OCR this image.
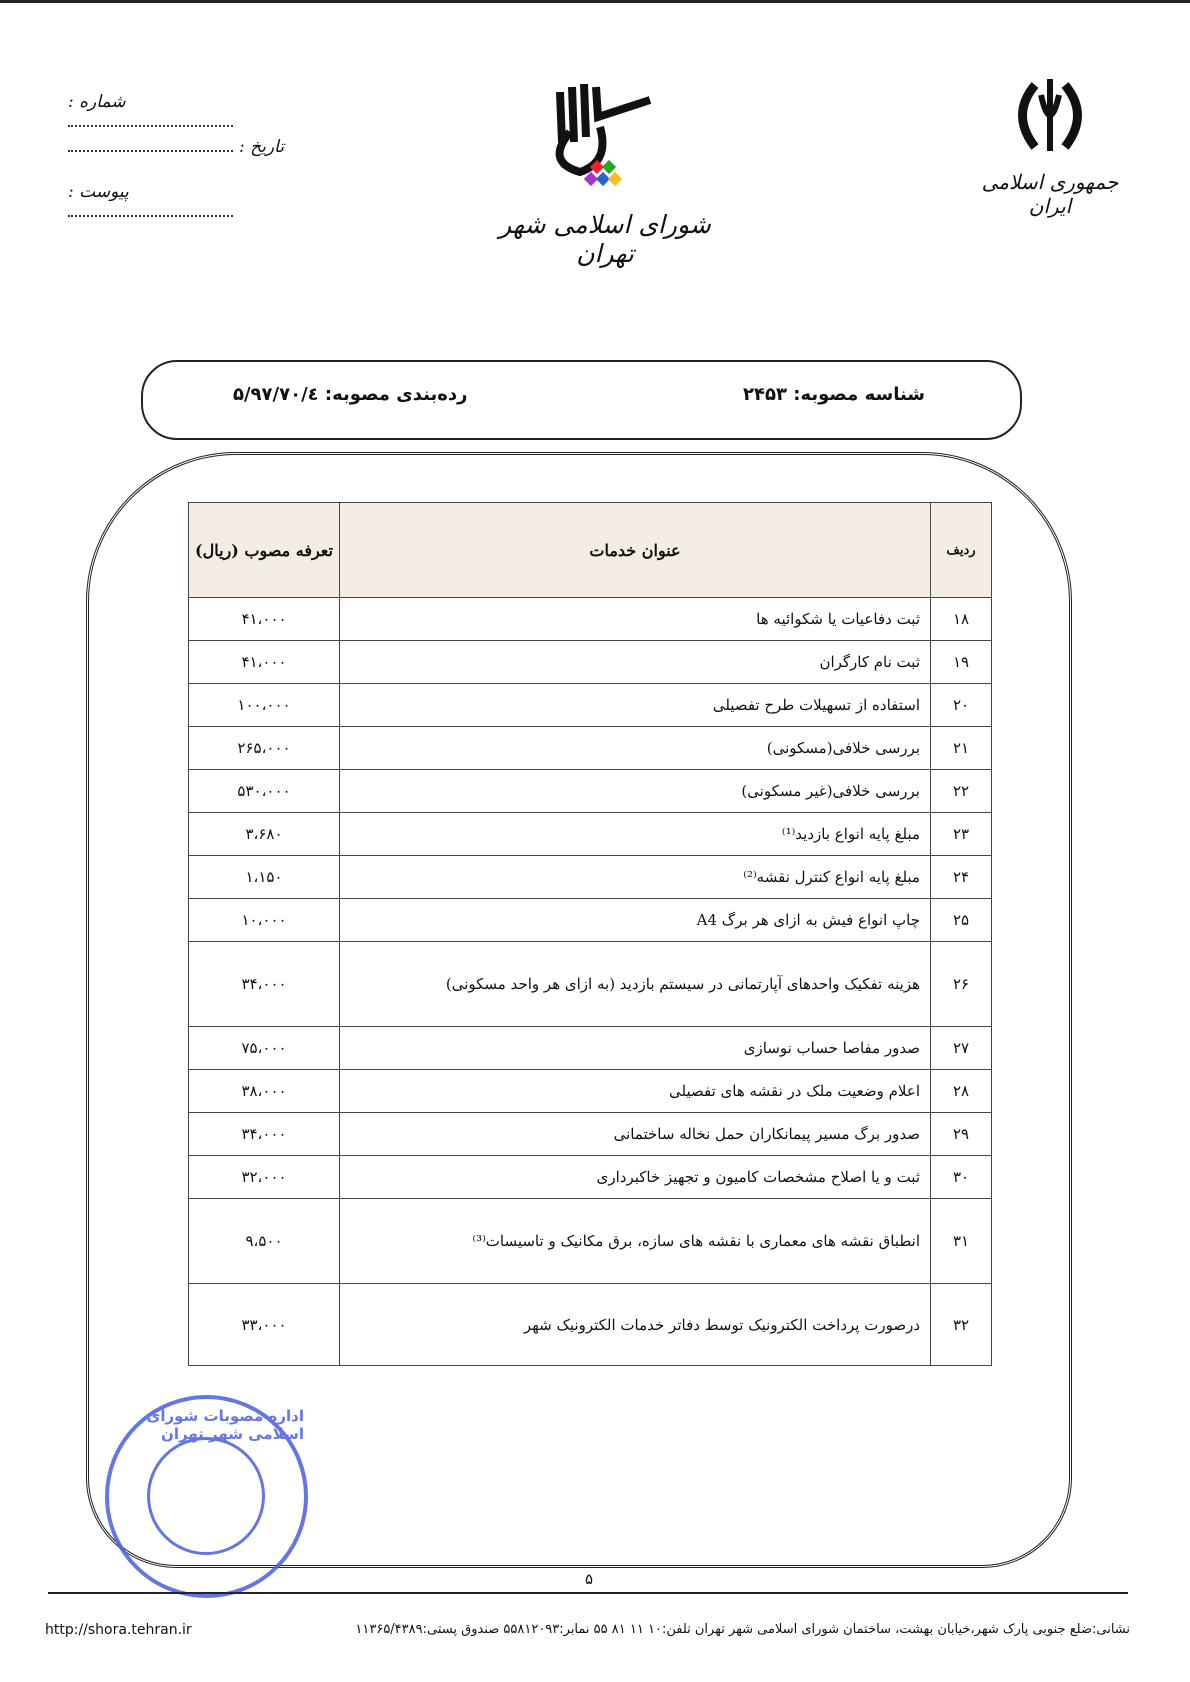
شماره :
تاریخ :
پیوست :	جمهوری اسلامی ایران
شورای اسلامی شهر تهران
شناسه مصوبه: ۲۴۵۳
رده‌بندی مصوبه: ۵/۹۷/۷۰/٤
ردیف	عنوان خدمات	تعرفه مصوب (ریال)
۱۸	ثبت دفاعیات یا شکوائیه ها	۴۱،۰۰۰
۱۹	ثبت نام کارگران	۴۱،۰۰۰
۲۰	استفاده از تسهیلات طرح تفصیلی	۱۰۰،۰۰۰
۲۱	بررسی خلافی(مسکونی)	۲۶۵،۰۰۰
۲۲	بررسی خلافی(غیر مسکونی)	۵۳۰،۰۰۰
۲۳	مبلغ پایه انواع بازدید⁽¹⁾	۳،۶۸۰
۲۴	مبلغ پایه انواع کنترل نقشه⁽²⁾	۱،۱۵۰
۲۵	چاپ انواع فیش به ازای هر برگ A4	۱۰،۰۰۰
۲۶	هزینه تفکیک واحدهای آپارتمانی در سیستم بازدید (به ازای هر واحد مسکونی)	۳۴،۰۰۰
۲۷	صدور مفاصا حساب نوسازی	۷۵،۰۰۰
۲۸	اعلام وضعیت ملک در نقشه های تفصیلی	۳۸،۰۰۰
۲۹	صدور برگ مسیر پیمانکاران حمل نخاله ساختمانی	۳۴،۰۰۰
۳۰	ثبت و یا اصلاح مشخصات کامیون و تجهیز خاکبرداری	۳۲،۰۰۰
۳۱	انطباق نقشه های معماری با نقشه های سازه، برق مکانیک و تاسیسات⁽³⁾	۹،۵۰۰
۳۲	درصورت پرداخت الکترونیک توسط دفاتر خدمات الکترونیک شهر	۳۳،۰۰۰
اداره مصوبات شورای اسلامی شهر تهران
۵
نشانی:ضلع جنوبی پارک شهر،خیابان بهشت، ساختمان شورای اسلامی شهر تهران تلفن:۱۰ ۱۱ ۸۱ ۵۵ نمابر:۵۵۸۱۲۰۹۳ صندوق پستی:۱۱۳۶۵/۴۳۸۹
http://shora.tehran.ir
